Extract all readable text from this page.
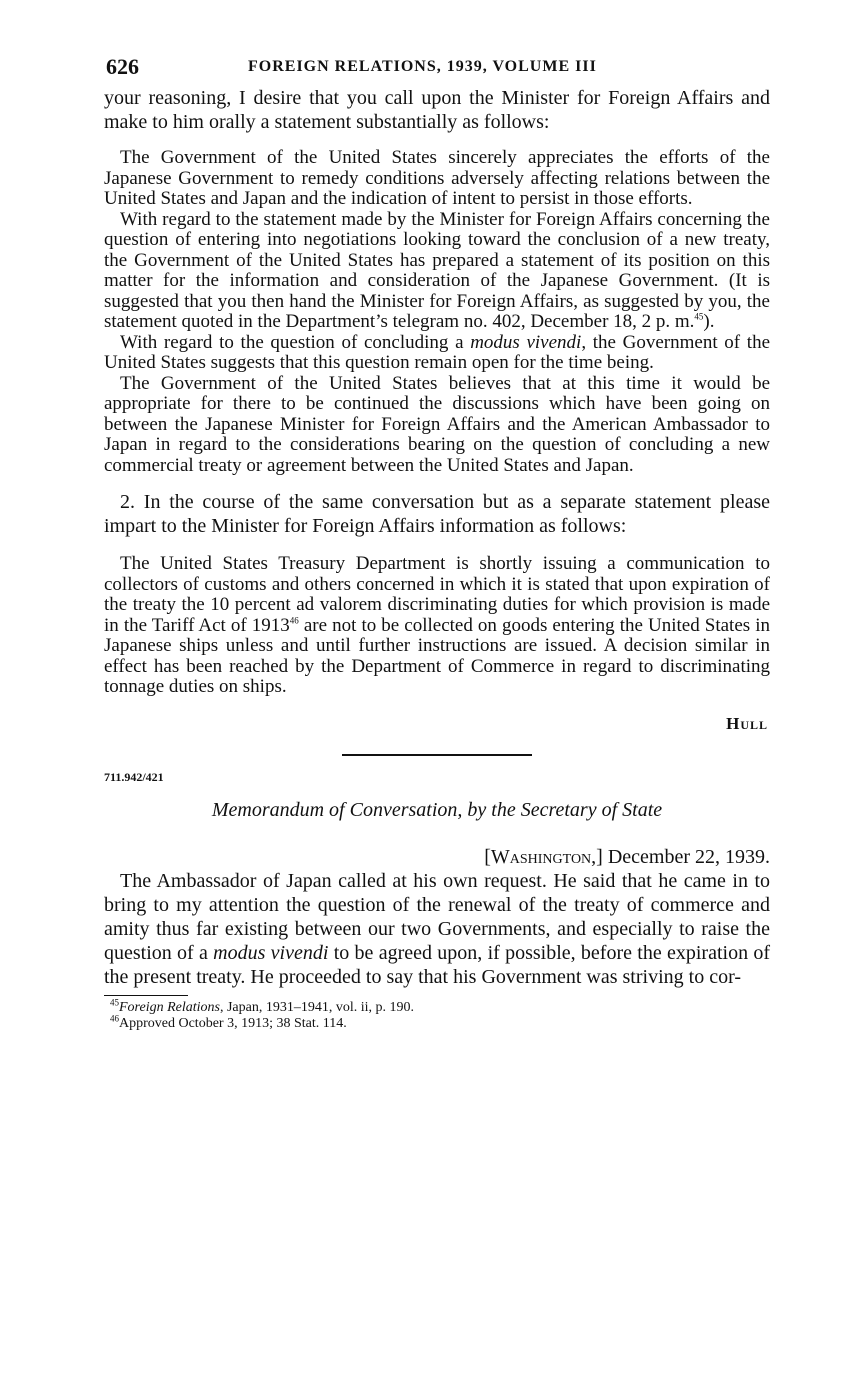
626	FOREIGN RELATIONS, 1939, VOLUME III

your reasoning, I desire that you call upon the Minister for Foreign Affairs and make to him orally a statement substantially as follows:

The Government of the United States sincerely appreciates the efforts of the Japanese Government to remedy conditions adversely affecting relations between the United States and Japan and the indication of intent to persist in those efforts.

With regard to the statement made by the Minister for Foreign Affairs concerning the question of entering into negotiations looking toward the conclusion of a new treaty, the Government of the United States has prepared a statement of its position on this matter for the information and consideration of the Japanese Government. (It is suggested that you then hand the Minister for Foreign Affairs, as suggested by you, the statement quoted in the Department’s telegram no. 402, December 18, 2 p. m.$^{45}$).

With regard to the question of concluding a modus vivendi, the Government of the United States suggests that this question remain open for the time being.

The Government of the United States believes that at this time it would be appropriate for there to be continued the discussions which have been going on between the Japanese Minister for Foreign Affairs and the American Ambassador to Japan in regard to the considerations bearing on the question of concluding a new commercial treaty or agreement between the United States and Japan.

2. In the course of the same conversation but as a separate statement please impart to the Minister for Foreign Affairs information as follows:

The United States Treasury Department is shortly issuing a communication to collectors of customs and others concerned in which it is stated that upon expiration of the treaty the 10 percent ad valorem discriminating duties for which provision is made in the Tariff Act of 1913$^{46}$ are not to be collected on goods entering the United States in Japanese ships unless and until further instructions are issued. A decision similar in effect has been reached by the Department of Commerce in regard to discriminating tonnage duties on ships.

Hull
711.942/421
Memorandum of Conversation, by the Secretary of State
[Washington,] December 22, 1939.

The Ambassador of Japan called at his own request. He said that he came in to bring to my attention the question of the renewal of the treaty of commerce and amity thus far existing between our two Governments, and especially to raise the question of a modus vivendi to be agreed upon, if possible, before the expiration of the present treaty. He proceeded to say that his Government was striving to cor-

$^{45}$Foreign Relations, Japan, 1931–1941, vol. ii, p. 190.
$^{46}$Approved October 3, 1913; 38 Stat. 114.
